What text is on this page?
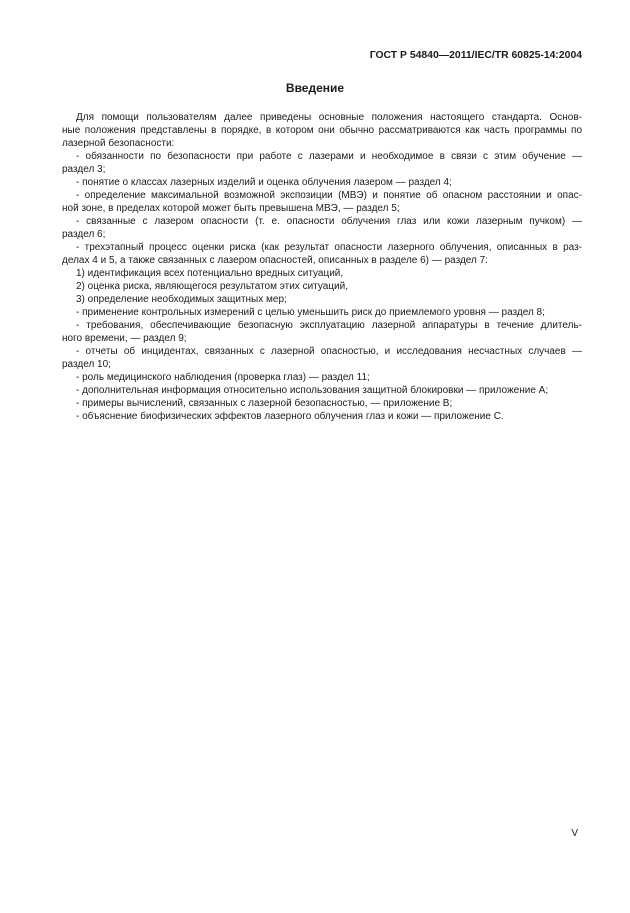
ГОСТ Р 54840—2011/IEC/TR 60825-14:2004
Введение
Для помощи пользователям далее приведены основные положения настоящего стандарта. Основ-
ные положения представлены в порядке, в котором они обычно рассматриваются как часть программы по
лазерной безопасности:
- обязанности по безопасности при работе с лазерами и необходимое в связи с этим обучение —
раздел 3;
- понятие о классах лазерных изделий и оценка облучения лазером — раздел 4;
- определение максимальной возможной экспозиции (МВЭ) и понятие об опасном расстоянии и опас-
ной зоне, в пределах которой может быть превышена МВЭ, — раздел 5;
- связанные с лазером опасности (т. е. опасности облучения глаз или кожи лазерным пучком) —
раздел 6;
- трехэтапный процесс оценки риска (как результат опасности лазерного облучения, описанных в раз-
делах 4 и 5, а также связанных с лазером опасностей, описанных в разделе 6) — раздел 7:
1) идентификация всех потенциально вредных ситуаций,
2) оценка риска, являющегося результатом этих ситуаций,
3) определение необходимых защитных мер;
- применение контрольных измерений с целью уменьшить риск до приемлемого уровня — раздел 8;
- требования, обеспечивающие безопасную эксплуатацию лазерной аппаратуры в течение длитель-
ного времени, — раздел 9;
- отчеты об инцидентах, связанных с лазерной опасностью, и исследования несчастных случаев —
раздел 10;
- роль медицинского наблюдения (проверка глаз) — раздел 11;
- дополнительная информация относительно использования защитной блокировки — приложение А;
- примеры вычислений, связанных с лазерной безопасностью, — приложение В;
- объяснение биофизических эффектов лазерного облучения глаз и кожи — приложение С.
V
